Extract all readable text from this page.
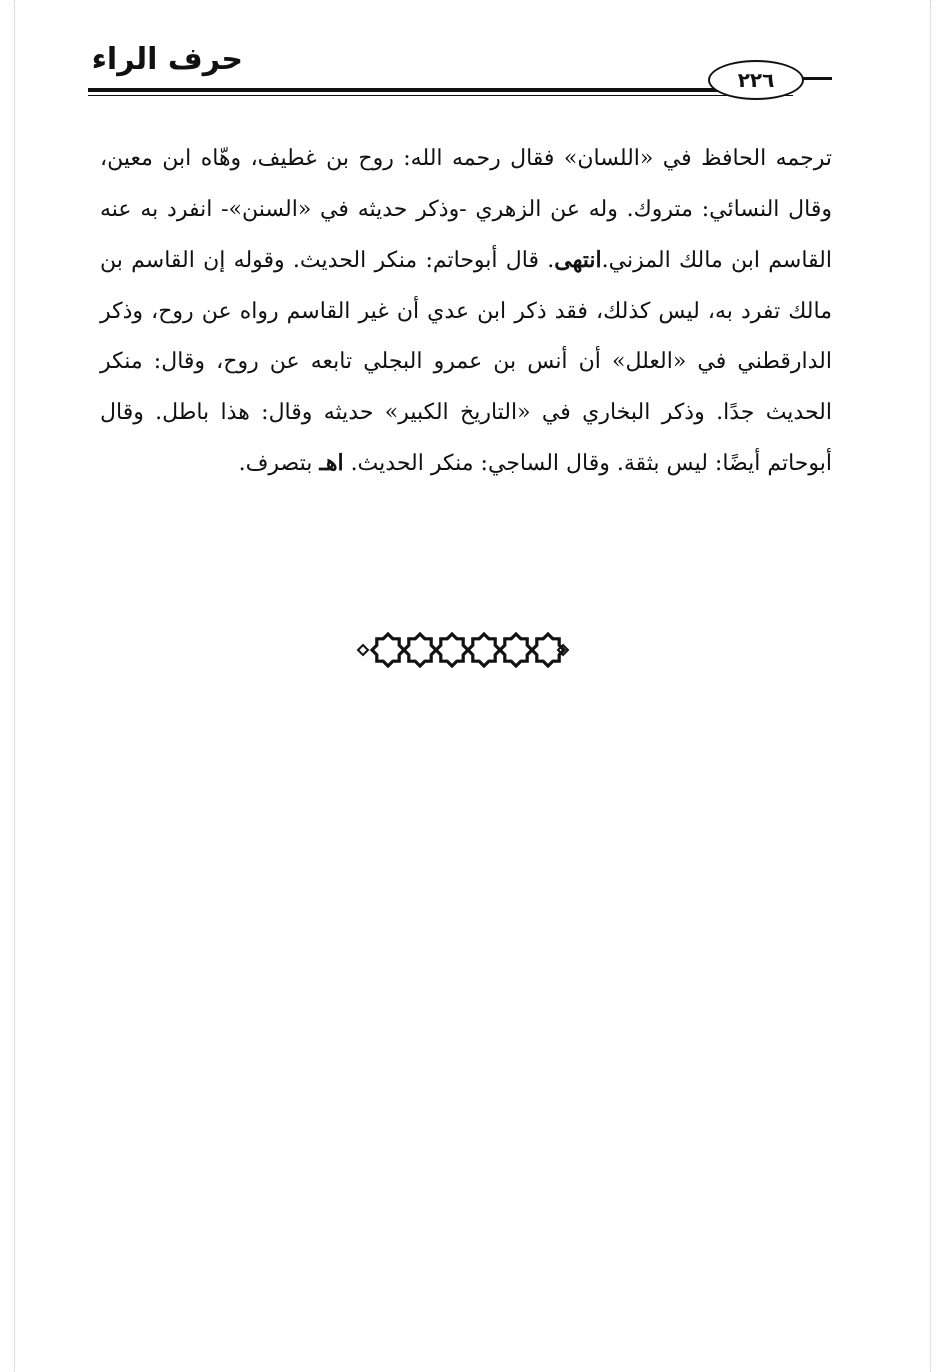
حرف الراء
٢٢٦

ترجمه الحافظ في «اللسان» فقال رحمه الله: روح بن غطيف، وهّاه ابن معين، وقال النسائي: متروك. وله عن الزهري -وذكر حديثه في «السنن»- انفرد به عنه القاسم ابن مالك المزني.انتهى. قال أبوحاتم: منكر الحديث. وقوله إن القاسم بن مالك تفرد به، ليس كذلك، فقد ذكر ابن عدي أن غير القاسم رواه عن روح، وذكر الدارقطني في «العلل» أن أنس بن عمرو البجلي تابعه عن روح، وقال: منكر الحديث جدًا. وذكر البخاري في «التاريخ الكبير» حديثه وقال: هذا باطل. وقال أبوحاتم أيضًا: ليس بثقة. وقال الساجي: منكر الحديث. اهـ بتصرف.
